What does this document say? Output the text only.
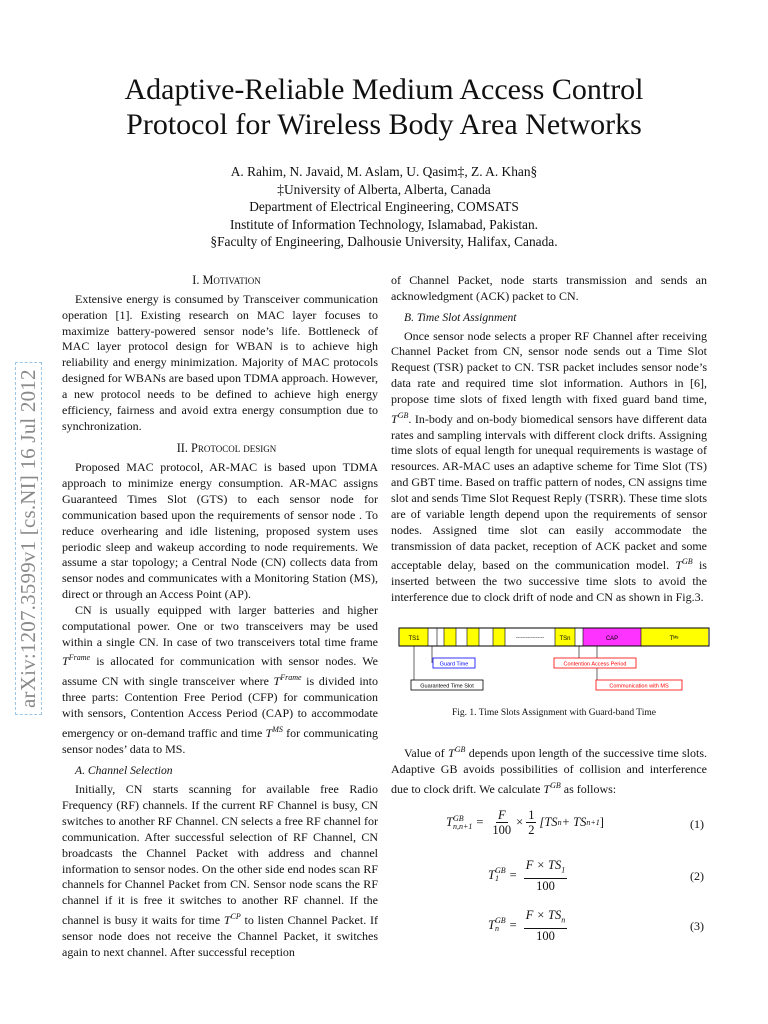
Adaptive-Reliable Medium Access Control
Protocol for Wireless Body Area Networks
A. Rahim, N. Javaid, M. Aslam, U. Qasim‡, Z. A. Khan§
‡University of Alberta, Alberta, Canada
Department of Electrical Engineering, COMSATS
Institute of Information Technology, Islamabad, Pakistan.
§Faculty of Engineering, Dalhousie University, Halifax, Canada.
arXiv:1207.3599v1 [cs.NI] 16 Jul 2012

I. Motivation

Extensive energy is consumed by Transceiver communication operation [1]. Existing research on MAC layer focuses to maximize battery-powered sensor node’s life. Bottleneck of MAC layer protocol design for WBAN is to achieve high reliability and energy minimization. Majority of MAC protocols designed for WBANs are based upon TDMA approach. However, a new protocol needs to be defined to achieve high energy efficiency, fairness and avoid extra energy consumption due to synchronization.

II. Protocol design

Proposed MAC protocol, AR-MAC is based upon TDMA approach to minimize energy consumption. AR-MAC assigns Guaranteed Times Slot (GTS) to each sensor node for communication based upon the requirements of sensor node . To reduce overhearing and idle listening, proposed system uses periodic sleep and wakeup according to node requirements. We assume a star topology; a Central Node (CN) collects data from sensor nodes and communicates with a Monitoring Station (MS), direct or through an Access Point (AP).

CN is usually equipped with larger batteries and higher computational power. One or two transceivers may be used within a single CN. In case of two transceivers total time frame $T^{Frame}$ is allocated for communication with sensor nodes. We assume CN with single transceiver where $T^{Frame}$ is divided into three parts: Contention Free Period (CFP) for communication with sensors, Contention Access Period (CAP) to accommodate emergency or on-demand traffic and time $T^{MS}$ for communicating sensor nodes’ data to MS.

A. Channel Selection

Initially, CN starts scanning for available free Radio Frequency (RF) channels. If the current RF Channel is busy, CN switches to another RF Channel. CN selects a free RF channel for communication. After successful selection of RF Channel, CN broadcasts the Channel Packet with address and channel information to sensor nodes. On the other side end nodes scan RF channels for Channel Packet from CN. Sensor node scans the RF channel if it is free it switches to another RF channel. If the channel is busy it waits for time $T^{CP}$ to listen Channel Packet. If sensor node does not receive the Channel Packet, it switches again to next channel. After successful reception

of Channel Packet, node starts transmission and sends an acknowledgment (ACK) packet to CN.

B. Time Slot Assignment

Once sensor node selects a proper RF Channel after receiving Channel Packet from CN, sensor node sends out a Time Slot Request (TSR) packet to CN. TSR packet includes sensor node’s data rate and required time slot information. Authors in [6], propose time slots of fixed length with fixed guard band time, $T^{GB}$. In-body and on-body biomedical sensors have different data rates and sampling intervals with different clock drifts. Assigning time slots of equal length for unequal requirements is wastage of resources. AR-MAC uses an adaptive scheme for Time Slot (TS) and GBT time. Based on traffic pattern of nodes, CN assigns time slot and sends Time Slot Request Reply (TSRR). These time slots are of variable length depend upon the requirements of sensor nodes. Assigned time slot can easily accommodate the transmission of data packet, reception of ACK packet and some acceptable delay, based on the communication model. $T^{GB}$ is inserted between the two successive time slots to avoid the interference due to clock drift of node and CN as shown in Fig.3.

TS1	-----------------	TSn	CAP	Tᴹˢ
Guard Time	Contention Access Period
Guaranteed Time Slot	Communication with MS
Fig. 1. Time Slots Assignment with Guard-band Time

Value of $T^{GB}$ depends upon length of the successive time slots. Adaptive GB avoids possibilities of collision and interference due to clock drift. We calculate $T^{GB}$ as follows:

T GB
$n,n+1 = \frac{F}{100} \times \frac{1}{2} [TS$ n + TS n+1 ]	(1)
T GB
$1 = \frac{F \times TS_1}{100}$	(2)
T GB
$n = \frac{F \times TS_n}{100}$	(3)
